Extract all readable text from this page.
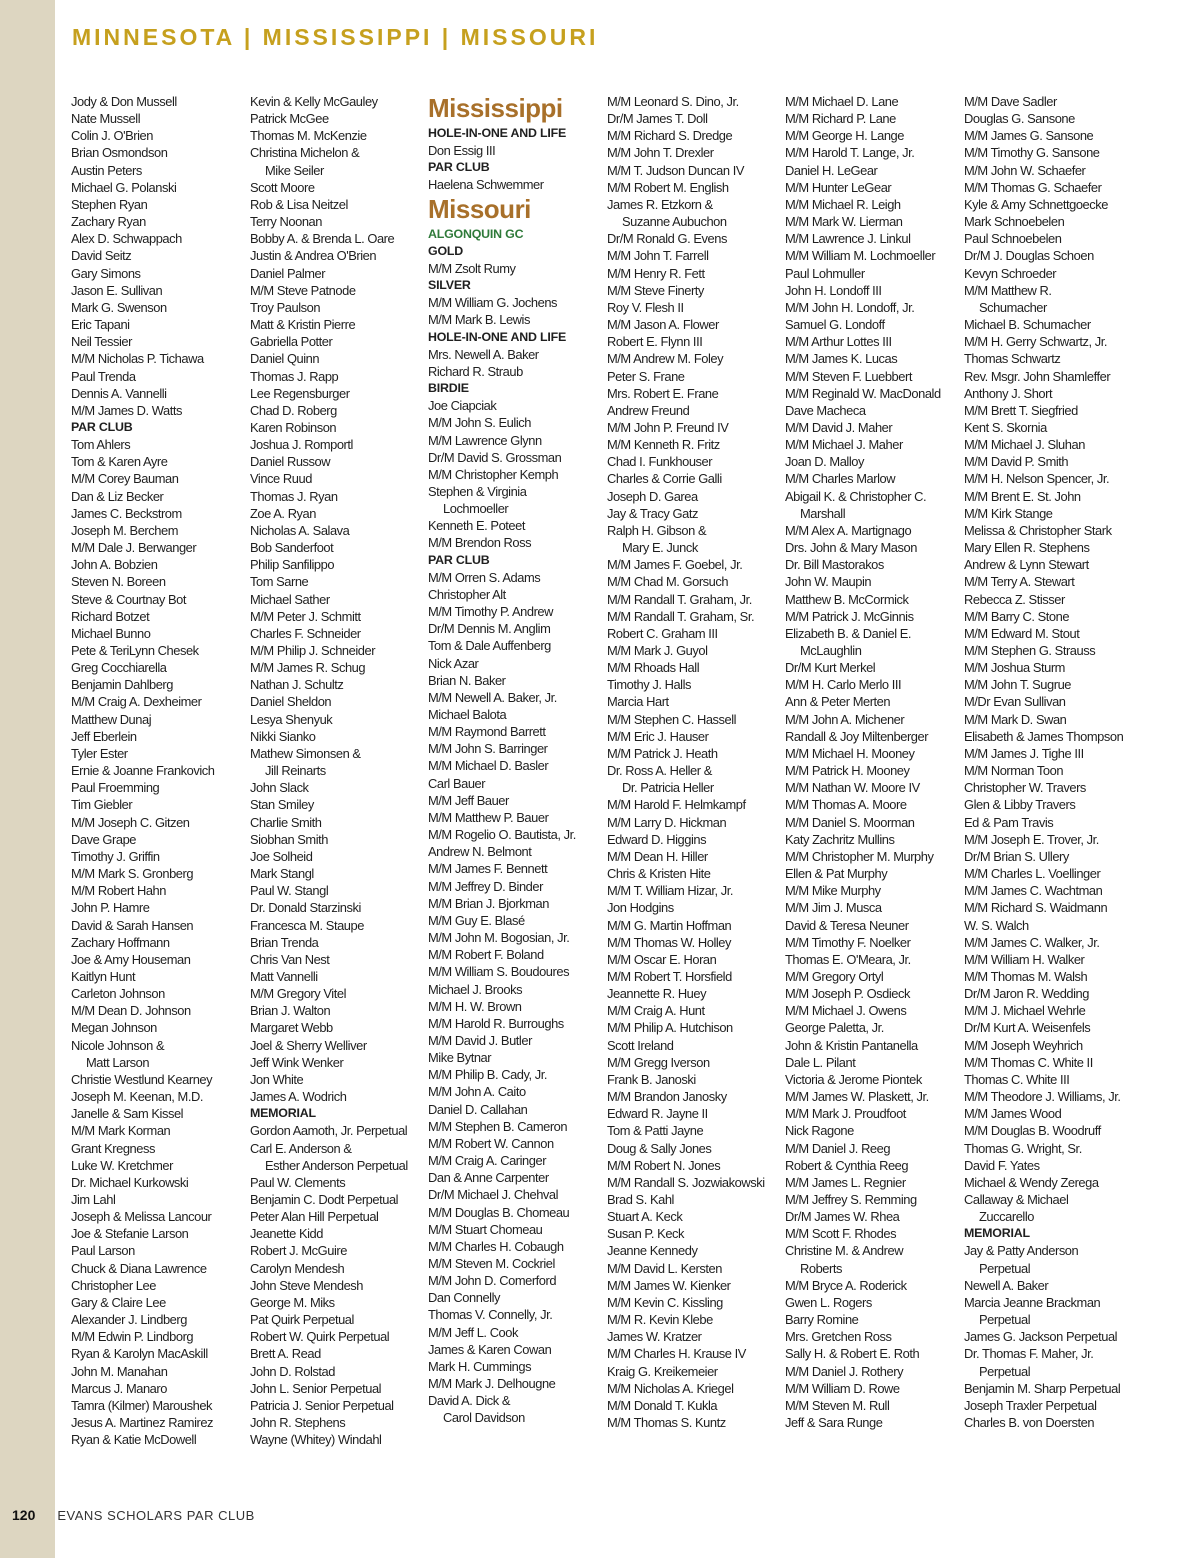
MINNESOTA | MISSISSIPPI | MISSOURI
Jody & Don Mussell
Nate Mussell
Colin J. O'Brien
Brian Osmondson
Austin Peters
Michael G. Polanski
Stephen Ryan
Zachary Ryan
Alex D. Schwappach
David Seitz
Gary Simons
Jason E. Sullivan
Mark G. Swenson
Eric Tapani
Neil Tessier
M/M Nicholas P. Tichawa
Paul Trenda
Dennis A. Vannelli
M/M James D. Watts
PAR CLUB
Tom Ahlers
Tom & Karen Ayre
M/M Corey Bauman
Dan & Liz Becker
James C. Beckstrom
Joseph M. Berchem
M/M Dale J. Berwanger
John A. Bobzien
Steven N. Boreen
Steve & Courtnay Bot
Richard Botzet
Michael Bunno
Pete & TeriLynn Chesek
Greg Cocchiarella
Benjamin Dahlberg
M/M Craig A. Dexheimer
Matthew Dunaj
Jeff Eberlein
Tyler Ester
Ernie & Joanne Frankovich
Paul Froemming
Tim Giebler
M/M Joseph C. Gitzen
Dave Grape
Timothy J. Griffin
M/M Mark S. Gronberg
M/M Robert Hahn
John P. Hamre
David & Sarah Hansen
Zachary Hoffmann
Joe & Amy Houseman
Kaitlyn Hunt
Carleton Johnson
M/M Dean D. Johnson
Megan Johnson
Nicole Johnson &
Matt Larson
Christie Westlund Kearney
Joseph M. Keenan, M.D.
Janelle & Sam Kissel
M/M Mark Korman
Grant Kregness
Luke W. Kretchmer
Dr. Michael Kurkowski
Jim Lahl
Joseph & Melissa Lancour
Joe & Stefanie Larson
Paul Larson
Chuck & Diana Lawrence
Christopher Lee
Gary & Claire Lee
Alexander J. Lindberg
M/M Edwin P. Lindborg
Ryan & Karolyn MacAskill
John M. Manahan
Marcus J. Manaro
Tamra (Kilmer) Maroushek
Jesus A. Martinez Ramirez
Ryan & Katie McDowell
Kevin & Kelly McGauley
Patrick McGee
Thomas M. McKenzie
Christina Michelon &
Mike Seiler
Scott Moore
Rob & Lisa Neitzel
Terry Noonan
Bobby A. & Brenda L. Oare
Justin & Andrea O'Brien
Daniel Palmer
M/M Steve Patnode
Troy Paulson
Matt & Kristin Pierre
Gabriella Potter
Daniel Quinn
Thomas J. Rapp
Lee Regensburger
Chad D. Roberg
Karen Robinson
Joshua J. Romportl
Daniel Russow
Vince Ruud
Thomas J. Ryan
Zoe A. Ryan
Nicholas A. Salava
Bob Sanderfoot
Philip Sanfilippo
Tom Sarne
Michael Sather
M/M Peter J. Schmitt
Charles F. Schneider
M/M Philip J. Schneider
M/M James R. Schug
Nathan J. Schultz
Daniel Sheldon
Lesya Shenyuk
Nikki Sianko
Mathew Simonsen &
Jill Reinarts
John Slack
Stan Smiley
Charlie Smith
Siobhan Smith
Joe Solheid
Mark Stangl
Paul W. Stangl
Dr. Donald Starzinski
Francesca M. Staupe
Brian Trenda
Chris Van Nest
Matt Vannelli
M/M Gregory Vitel
Brian J. Walton
Margaret Webb
Joel & Sherry Welliver
Jeff Wink Wenker
Jon White
James A. Wodrich
MEMORIAL
Gordon Aamoth, Jr. Perpetual
Carl E. Anderson &
Esther Anderson Perpetual
Paul W. Clements
Benjamin C. Dodt Perpetual
Peter Alan Hill Perpetual
Jeanette Kidd
Robert J. McGuire
Carolyn Mendesh
John Steve Mendesh
George M. Miks
Pat Quirk Perpetual
Robert W. Quirk Perpetual
Brett A. Read
John D. Rolstad
John L. Senior Perpetual
Patricia J. Senior Perpetual
John R. Stephens
Wayne (Whitey) Windahl
Mississippi
HOLE-IN-ONE AND LIFE
Don Essig III
PAR CLUB
Haelena Schwemmer
Missouri
ALGONQUIN GC
GOLD
M/M Zsolt Rumy
SILVER
M/M William G. Jochens
M/M Mark B. Lewis
HOLE-IN-ONE AND LIFE
Mrs. Newell A. Baker
Richard R. Straub
BIRDIE
Joe Ciapciak
M/M John S. Eulich
M/M Lawrence Glynn
Dr/M David S. Grossman
M/M Christopher Kemph
Stephen & Virginia
Lochmoeller
Kenneth E. Poteet
M/M Brendon Ross
PAR CLUB
M/M Orren S. Adams
Christopher Alt
M/M Timothy P. Andrew
Dr/M Dennis M. Anglim
Tom & Dale Auffenberg
Nick Azar
Brian N. Baker
M/M Newell A. Baker, Jr.
Michael Balota
M/M Raymond Barrett
M/M John S. Barringer
M/M Michael D. Basler
Carl Bauer
M/M Jeff Bauer
M/M Matthew P. Bauer
M/M Rogelio O. Bautista, Jr.
Andrew N. Belmont
M/M James F. Bennett
M/M Jeffrey D. Binder
M/M Brian J. Bjorkman
M/M Guy E. Blasé
M/M John M. Bogosian, Jr.
M/M Robert F. Boland
M/M William S. Boudoures
Michael J. Brooks
M/M H. W. Brown
M/M Harold R. Burroughs
M/M David J. Butler
Mike Bytnar
M/M Philip B. Cady, Jr.
M/M John A. Caito
Daniel D. Callahan
M/M Stephen B. Cameron
M/M Robert W. Cannon
M/M Craig A. Caringer
Dan & Anne Carpenter
Dr/M Michael J. Chehval
M/M Douglas B. Chomeau
M/M Stuart Chomeau
M/M Charles H. Cobaugh
M/M Steven M. Cockriel
M/M John D. Comerford
Dan Connelly
Thomas V. Connelly, Jr.
M/M Jeff L. Cook
James & Karen Cowan
Mark H. Cummings
M/M Mark J. Delhougne
David A. Dick &
Carol Davidson
M/M Leonard S. Dino, Jr.
Dr/M James T. Doll
M/M Richard S. Dredge
M/M John T. Drexler
M/M T. Judson Duncan IV
M/M Robert M. English
James R. Etzkorn &
Suzanne Aubuchon
Dr/M Ronald G. Evens
M/M John T. Farrell
M/M Henry R. Fett
M/M Steve Finerty
Roy V. Flesh II
M/M Jason A. Flower
Robert E. Flynn III
M/M Andrew M. Foley
Peter S. Frane
Mrs. Robert E. Frane
Andrew Freund
M/M John P. Freund IV
M/M Kenneth R. Fritz
Chad I. Funkhouser
Charles & Corrie Galli
Joseph D. Garea
Jay & Tracy Gatz
Ralph H. Gibson &
Mary E. Junck
M/M James F. Goebel, Jr.
M/M Chad M. Gorsuch
M/M Randall T. Graham, Jr.
M/M Randall T. Graham, Sr.
Robert C. Graham III
M/M Mark J. Guyol
M/M Rhoads Hall
Timothy J. Halls
Marcia Hart
M/M Stephen C. Hassell
M/M Eric J. Hauser
M/M Patrick J. Heath
Dr. Ross A. Heller &
Dr. Patricia Heller
M/M Harold F. Helmkampf
M/M Larry D. Hickman
Edward D. Higgins
M/M Dean H. Hiller
Chris & Kristen Hite
M/M T. William Hizar, Jr.
Jon Hodgins
M/M G. Martin Hoffman
M/M Thomas W. Holley
M/M Oscar E. Horan
M/M Robert T. Horsfield
Jeannette R. Huey
M/M Craig A. Hunt
M/M Philip A. Hutchison
Scott Ireland
M/M Gregg Iverson
Frank B. Janoski
M/M Brandon Janosky
Edward R. Jayne II
Tom & Patti Jayne
Doug & Sally Jones
M/M Robert N. Jones
M/M Randall S. Jozwiakowski
Brad S. Kahl
Stuart A. Keck
Susan P. Keck
Jeanne Kennedy
M/M David L. Kersten
M/M James W. Kienker
M/M Kevin C. Kissling
M/M R. Kevin Klebe
James W. Kratzer
M/M Charles H. Krause IV
Kraig G. Kreikemeier
M/M Nicholas A. Kriegel
M/M Donald T. Kukla
M/M Thomas S. Kuntz
M/M Michael D. Lane
M/M Richard P. Lane
M/M George H. Lange
M/M Harold T. Lange, Jr.
Daniel H. LeGear
M/M Hunter LeGear
M/M Michael R. Leigh
M/M Mark W. Lierman
M/M Lawrence J. Linkul
M/M William M. Lochmoeller
Paul Lohmuller
John H. Londoff III
M/M John H. Londoff, Jr.
Samuel G. Londoff
M/M Arthur Lottes III
M/M James K. Lucas
M/M Steven F. Luebbert
M/M Reginald W. MacDonald
Dave Macheca
M/M David J. Maher
M/M Michael J. Maher
Joan D. Malloy
M/M Charles Marlow
Abigail K. & Christopher C.
Marshall
M/M Alex A. Martignago
Drs. John & Mary Mason
Dr. Bill Mastorakos
John W. Maupin
Matthew B. McCormick
M/M Patrick J. McGinnis
Elizabeth B. & Daniel E.
McLaughlin
Dr/M Kurt Merkel
M/M H. Carlo Merlo III
Ann & Peter Merten
M/M John A. Michener
Randall & Joy Miltenberger
M/M Michael H. Mooney
M/M Patrick H. Mooney
M/M Nathan W. Moore IV
M/M Thomas A. Moore
M/M Daniel S. Moorman
Katy Zachritz Mullins
M/M Christopher M. Murphy
Ellen & Pat Murphy
M/M Mike Murphy
M/M Jim J. Musca
David & Teresa Neuner
M/M Timothy F. Noelker
Thomas E. O'Meara, Jr.
M/M Gregory Ortyl
M/M Joseph P. Osdieck
M/M Michael J. Owens
George Paletta, Jr.
John & Kristin Pantanella
Dale L. Pilant
Victoria & Jerome Piontek
M/M James W. Plaskett, Jr.
M/M Mark J. Proudfoot
Nick Ragone
M/M Daniel J. Reeg
Robert & Cynthia Reeg
M/M James L. Regnier
M/M Jeffrey S. Remming
Dr/M James W. Rhea
M/M Scott F. Rhodes
Christine M. & Andrew
Roberts
M/M Bryce A. Roderick
Gwen L. Rogers
Barry Romine
Mrs. Gretchen Ross
Sally H. & Robert E. Roth
M/M Daniel J. Rothery
M/M William D. Rowe
M/M Steven M. Rull
Jeff & Sara Runge
M/M Dave Sadler
Douglas G. Sansone
M/M James G. Sansone
M/M Timothy G. Sansone
M/M John W. Schaefer
M/M Thomas G. Schaefer
Kyle & Amy Schnettgoecke
Mark Schnoebelen
Paul Schnoebelen
Dr/M J. Douglas Schoen
Kevyn Schroeder
M/M Matthew R.
Schumacher
Michael B. Schumacher
M/M H. Gerry Schwartz, Jr.
Thomas Schwartz
Rev. Msgr. John Shamleffer
Anthony J. Short
M/M Brett T. Siegfried
Kent S. Skornia
M/M Michael J. Sluhan
M/M David P. Smith
M/M H. Nelson Spencer, Jr.
M/M Brent E. St. John
M/M Kirk Stange
Melissa & Christopher Stark
Mary Ellen R. Stephens
Andrew & Lynn Stewart
M/M Terry A. Stewart
Rebecca Z. Stisser
M/M Barry C. Stone
M/M Edward M. Stout
M/M Stephen G. Strauss
M/M Joshua Sturm
M/M John T. Sugrue
M/Dr Evan Sullivan
M/M Mark D. Swan
Elisabeth & James Thompson
M/M James J. Tighe III
M/M Norman Toon
Christopher W. Travers
Glen & Libby Travers
Ed & Pam Travis
M/M Joseph E. Trover, Jr.
Dr/M Brian S. Ullery
M/M Charles L. Voellinger
M/M James C. Wachtman
M/M Richard S. Waidmann
W. S. Walch
M/M James C. Walker, Jr.
M/M William H. Walker
M/M Thomas M. Walsh
Dr/M Jaron R. Wedding
M/M J. Michael Wehrle
Dr/M Kurt A. Weisenfels
M/M Joseph Weyhrich
M/M Thomas C. White II
Thomas C. White III
M/M Theodore J. Williams, Jr.
M/M James Wood
M/M Douglas B. Woodruff
Thomas G. Wright, Sr.
David F. Yates
Michael & Wendy Zerega
Callaway & Michael
Zuccarello
MEMORIAL
Jay & Patty Anderson
Perpetual
Newell A. Baker
Marcia Jeanne Brackman
Perpetual
James G. Jackson Perpetual
Dr. Thomas F. Maher, Jr.
Perpetual
Benjamin M. Sharp Perpetual
Joseph Traxler Perpetual
Charles B. von Doersten
120 EVANS SCHOLARS PAR CLUB
